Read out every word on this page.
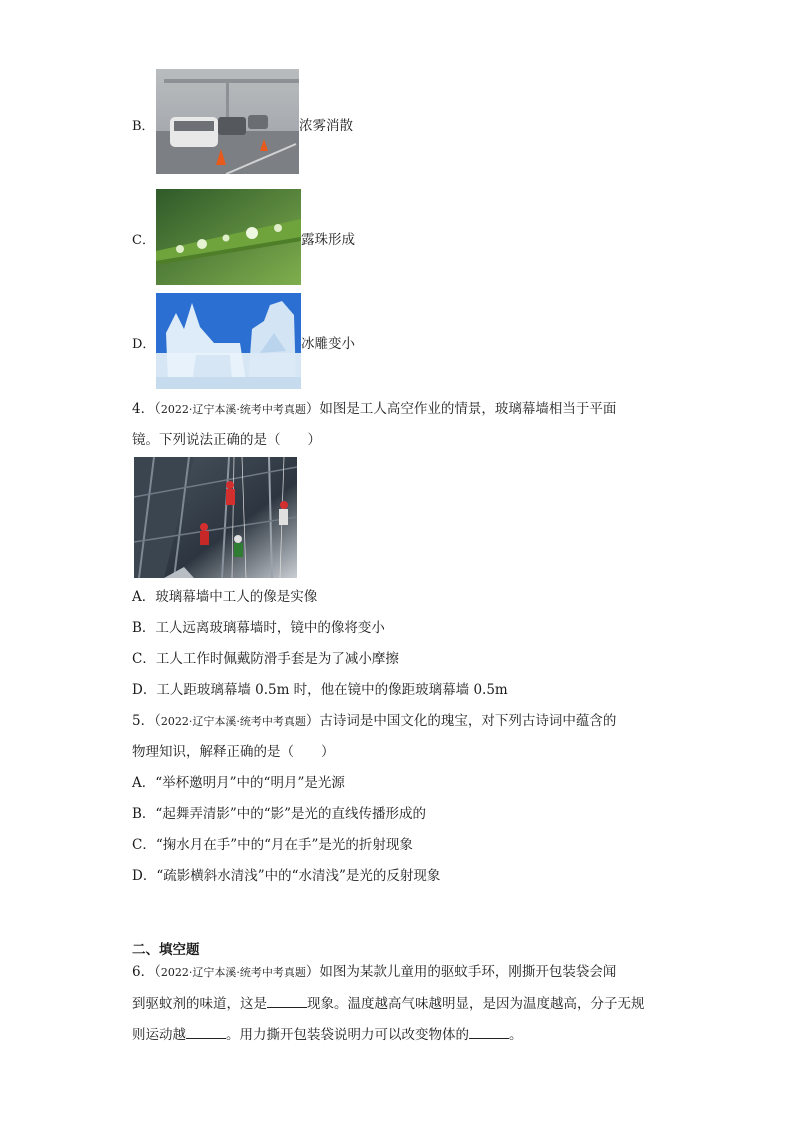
B．	浓雾消散
C．	露珠形成
D．	冰雕变小
4．（2022·辽宁本溪·统考中考真题）如图是工人高空作业的情景，玻璃幕墙相当于平面
镜。下列说法正确的是（　　）
A．玻璃幕墙中工人的像是实像
B．工人远离玻璃幕墙时，镜中的像将变小
C．工人工作时佩戴防滑手套是为了减小摩擦
D．工人距玻璃幕墙 0.5m 时，他在镜中的像距玻璃幕墙 0.5m
5．（2022·辽宁本溪·统考中考真题）古诗词是中国文化的瑰宝，对下列古诗词中蕴含的
物理知识，解释正确的是（　　）
A．“举杯邀明月”中的“明月”是光源
B．“起舞弄清影”中的“影”是光的直线传播形成的
C．“掬水月在手”中的“月在手”是光的折射现象
D．“疏影横斜水清浅”中的“水清浅”是光的反射现象
二、填空题
6．（2022·辽宁本溪·统考中考真题）如图为某款儿童用的驱蚊手环，刚撕开包装袋会闻
到驱蚊剂的味道，这是	现象。温度越高气味越明显，是因为温度越高，分子无规
则运动越	。用力撕开包装袋说明力可以改变物体的	。
